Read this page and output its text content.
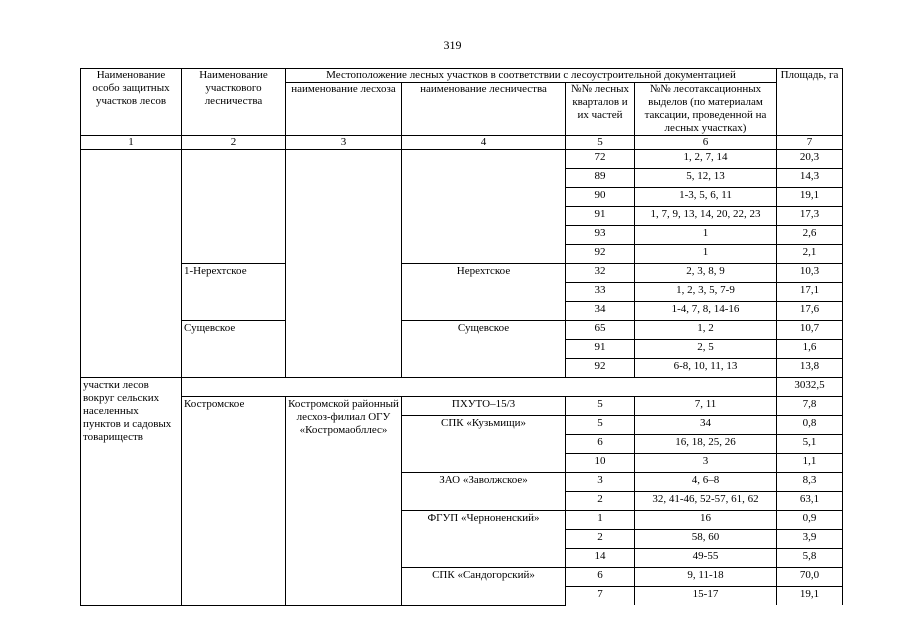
319
Наименование особо защитных участков лесов	Наименование участкового лесничества	Местоположение лесных участков в соответствии с лесоустроительной документацией				Площадь, га
		наименование лесхоза	наименование лесничества	№№ лесных кварталов и их частей	№№ лесотаксационных выделов (по материалам таксации, проведенной на лесных участках)	
1	2	3	4	5	6	7
				72	1, 2, 7, 14	20,3
				89	5, 12, 13	14,3
				90	1-3, 5, 6, 11	19,1
				91	1, 7, 9, 13, 14, 20, 22, 23	17,3
				93	1	2,6
				92	1	2,1
	1-Нерехтское		Нерехтское	32	2, 3, 8, 9	10,3
				33	1, 2, 3, 5, 7-9	17,1
				34	1-4, 7, 8, 14-16	17,6
	Сущевское		Сущевское	65	1, 2	10,7
				91	2, 5	1,6
				92	6-8, 10, 11, 13	13,8
участки лесов вокруг сельских населенных пунктов и садовых товариществ						3032,5
	Костромское	Костромской районный лесхоз-филиал ОГУ «Костромаобллес»	ПХУТО–15/3	5	7, 11	7,8
			СПК «Кузьмищи»	5	34	0,8
				6	16, 18, 25, 26	5,1
				10	3	1,1
			ЗАО «Заволжское»	3	4, 6–8	8,3
				2	32, 41-46, 52-57, 61, 62	63,1
			ФГУП «Черноненский»	1	16	0,9
				2	58, 60	3,9
				14	49-55	5,8
			СПК «Сандогорский»	6	9, 11-18	70,0
				7	15-17	19,1
